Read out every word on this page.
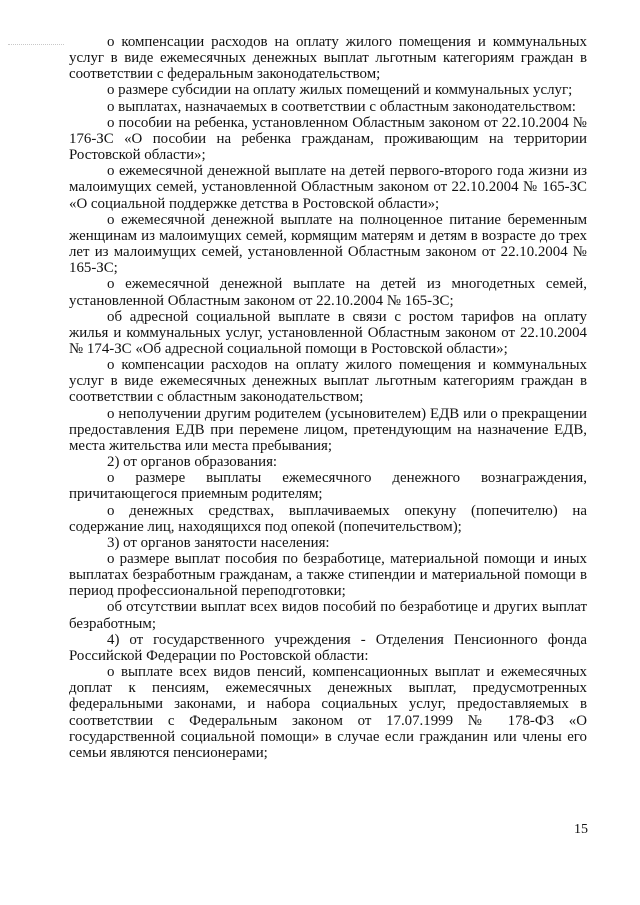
о компенсации расходов на оплату жилого помещения и коммунальных услуг в виде ежемесячных денежных выплат льготным категориям граждан в соответствии с федеральным законодательством;

о размере субсидии на оплату жилых помещений и коммунальных услуг;

о выплатах, назначаемых в соответствии с областным законодательством:

о пособии на ребенка, установленном Областным законом от 22.10.2004 № 176-ЗС «О пособии на ребенка гражданам, проживающим на территории Ростовской области»;

о ежемесячной денежной выплате на детей первого-второго года жизни из малоимущих семей, установленной Областным законом от 22.10.2004 № 165-ЗС «О социальной поддержке детства в Ростовской области»;

о ежемесячной денежной выплате на полноценное питание беременным женщинам из малоимущих семей, кормящим матерям и детям в возрасте до трех лет из малоимущих семей, установленной Областным законом от 22.10.2004 № 165-ЗС;

о ежемесячной денежной выплате на детей из многодетных семей, установленной Областным законом от 22.10.2004 № 165-ЗС;

об адресной социальной выплате в связи с ростом тарифов на оплату жилья и коммунальных услуг, установленной Областным законом от 22.10.2004 № 174-ЗС «Об адресной социальной помощи в Ростовской области»;

о компенсации расходов на оплату жилого помещения и коммунальных услуг в виде ежемесячных денежных выплат льготным категориям граждан в соответствии с областным законодательством;

о неполучении другим родителем (усыновителем) ЕДВ или о прекращении предоставления ЕДВ при перемене лицом, претендующим на назначение ЕДВ, места жительства или места пребывания;

2) от органов образования:

о размере выплаты ежемесячного денежного вознаграждения, причитающегося приемным родителям;

о денежных средствах, выплачиваемых опекуну (попечителю) на содержание лиц, находящихся под опекой (попечительством);

3) от органов занятости населения:

о размере выплат пособия по безработице, материальной помощи и иных выплатах безработным гражданам, а также стипендии и материальной помощи в период профессиональной переподготовки;

об отсутствии выплат всех видов пособий по безработице и других выплат безработным;

4) от государственного учреждения - Отделения Пенсионного фонда Российской Федерации по Ростовской области:

о выплате всех видов пенсий, компенсационных выплат и ежемесячных доплат к пенсиям, ежемесячных денежных выплат, предусмотренных федеральными законами, и набора социальных услуг, предоставляемых в соответствии с Федеральным законом от 17.07.1999 № 178-ФЗ «О государственной социальной помощи» в случае если гражданин или члены его семьи являются пенсионерами;

15
